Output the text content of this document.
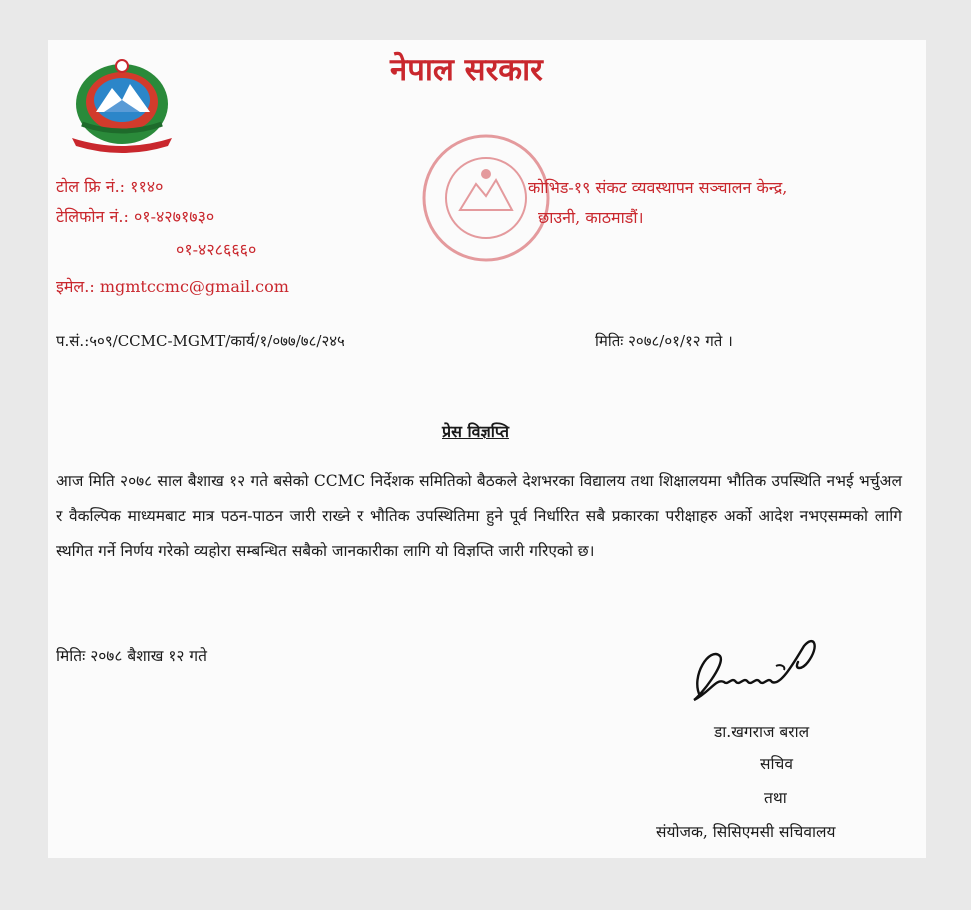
नेपाल सरकार
टोल फ्रि नं.: ११४०
टेलिफोन नं.: ०१-४२७१७३०
०१-४२८६६६०
इमेल.: mgmtccmc@gmail.com
कोभिड-१९ संकट व्यवस्थापन सञ्चालन केन्द्र,
छाउनी, काठमाडौं।
प.सं.:५०९/CCMC-MGMT/कार्य/१/०७७/७८/२४५	मितिः २०७८/०१/१२ गते ।
प्रेस विज्ञप्ति
आज मिति २०७८ साल बैशाख १२ गते बसेको CCMC निर्देशक समितिको बैठकले देशभरका विद्यालय तथा शिक्षालयमा भौतिक उपस्थिति नभई भर्चुअल र वैकल्पिक माध्यमबाट मात्र पठन-पाठन जारी राख्ने र भौतिक उपस्थितिमा हुने पूर्व निर्धारित सबै प्रकारका परीक्षाहरु अर्को आदेश नभएसम्मको लागि स्थगित गर्ने निर्णय गरेको व्यहोरा सम्बन्धित सबैको जानकारीका लागि यो विज्ञप्ति जारी गरिएको छ।
मितिः २०७८ बैशाख १२ गते
डा.खगराज बराल
सचिव
तथा
संयोजक, सिसिएमसी सचिवालय
